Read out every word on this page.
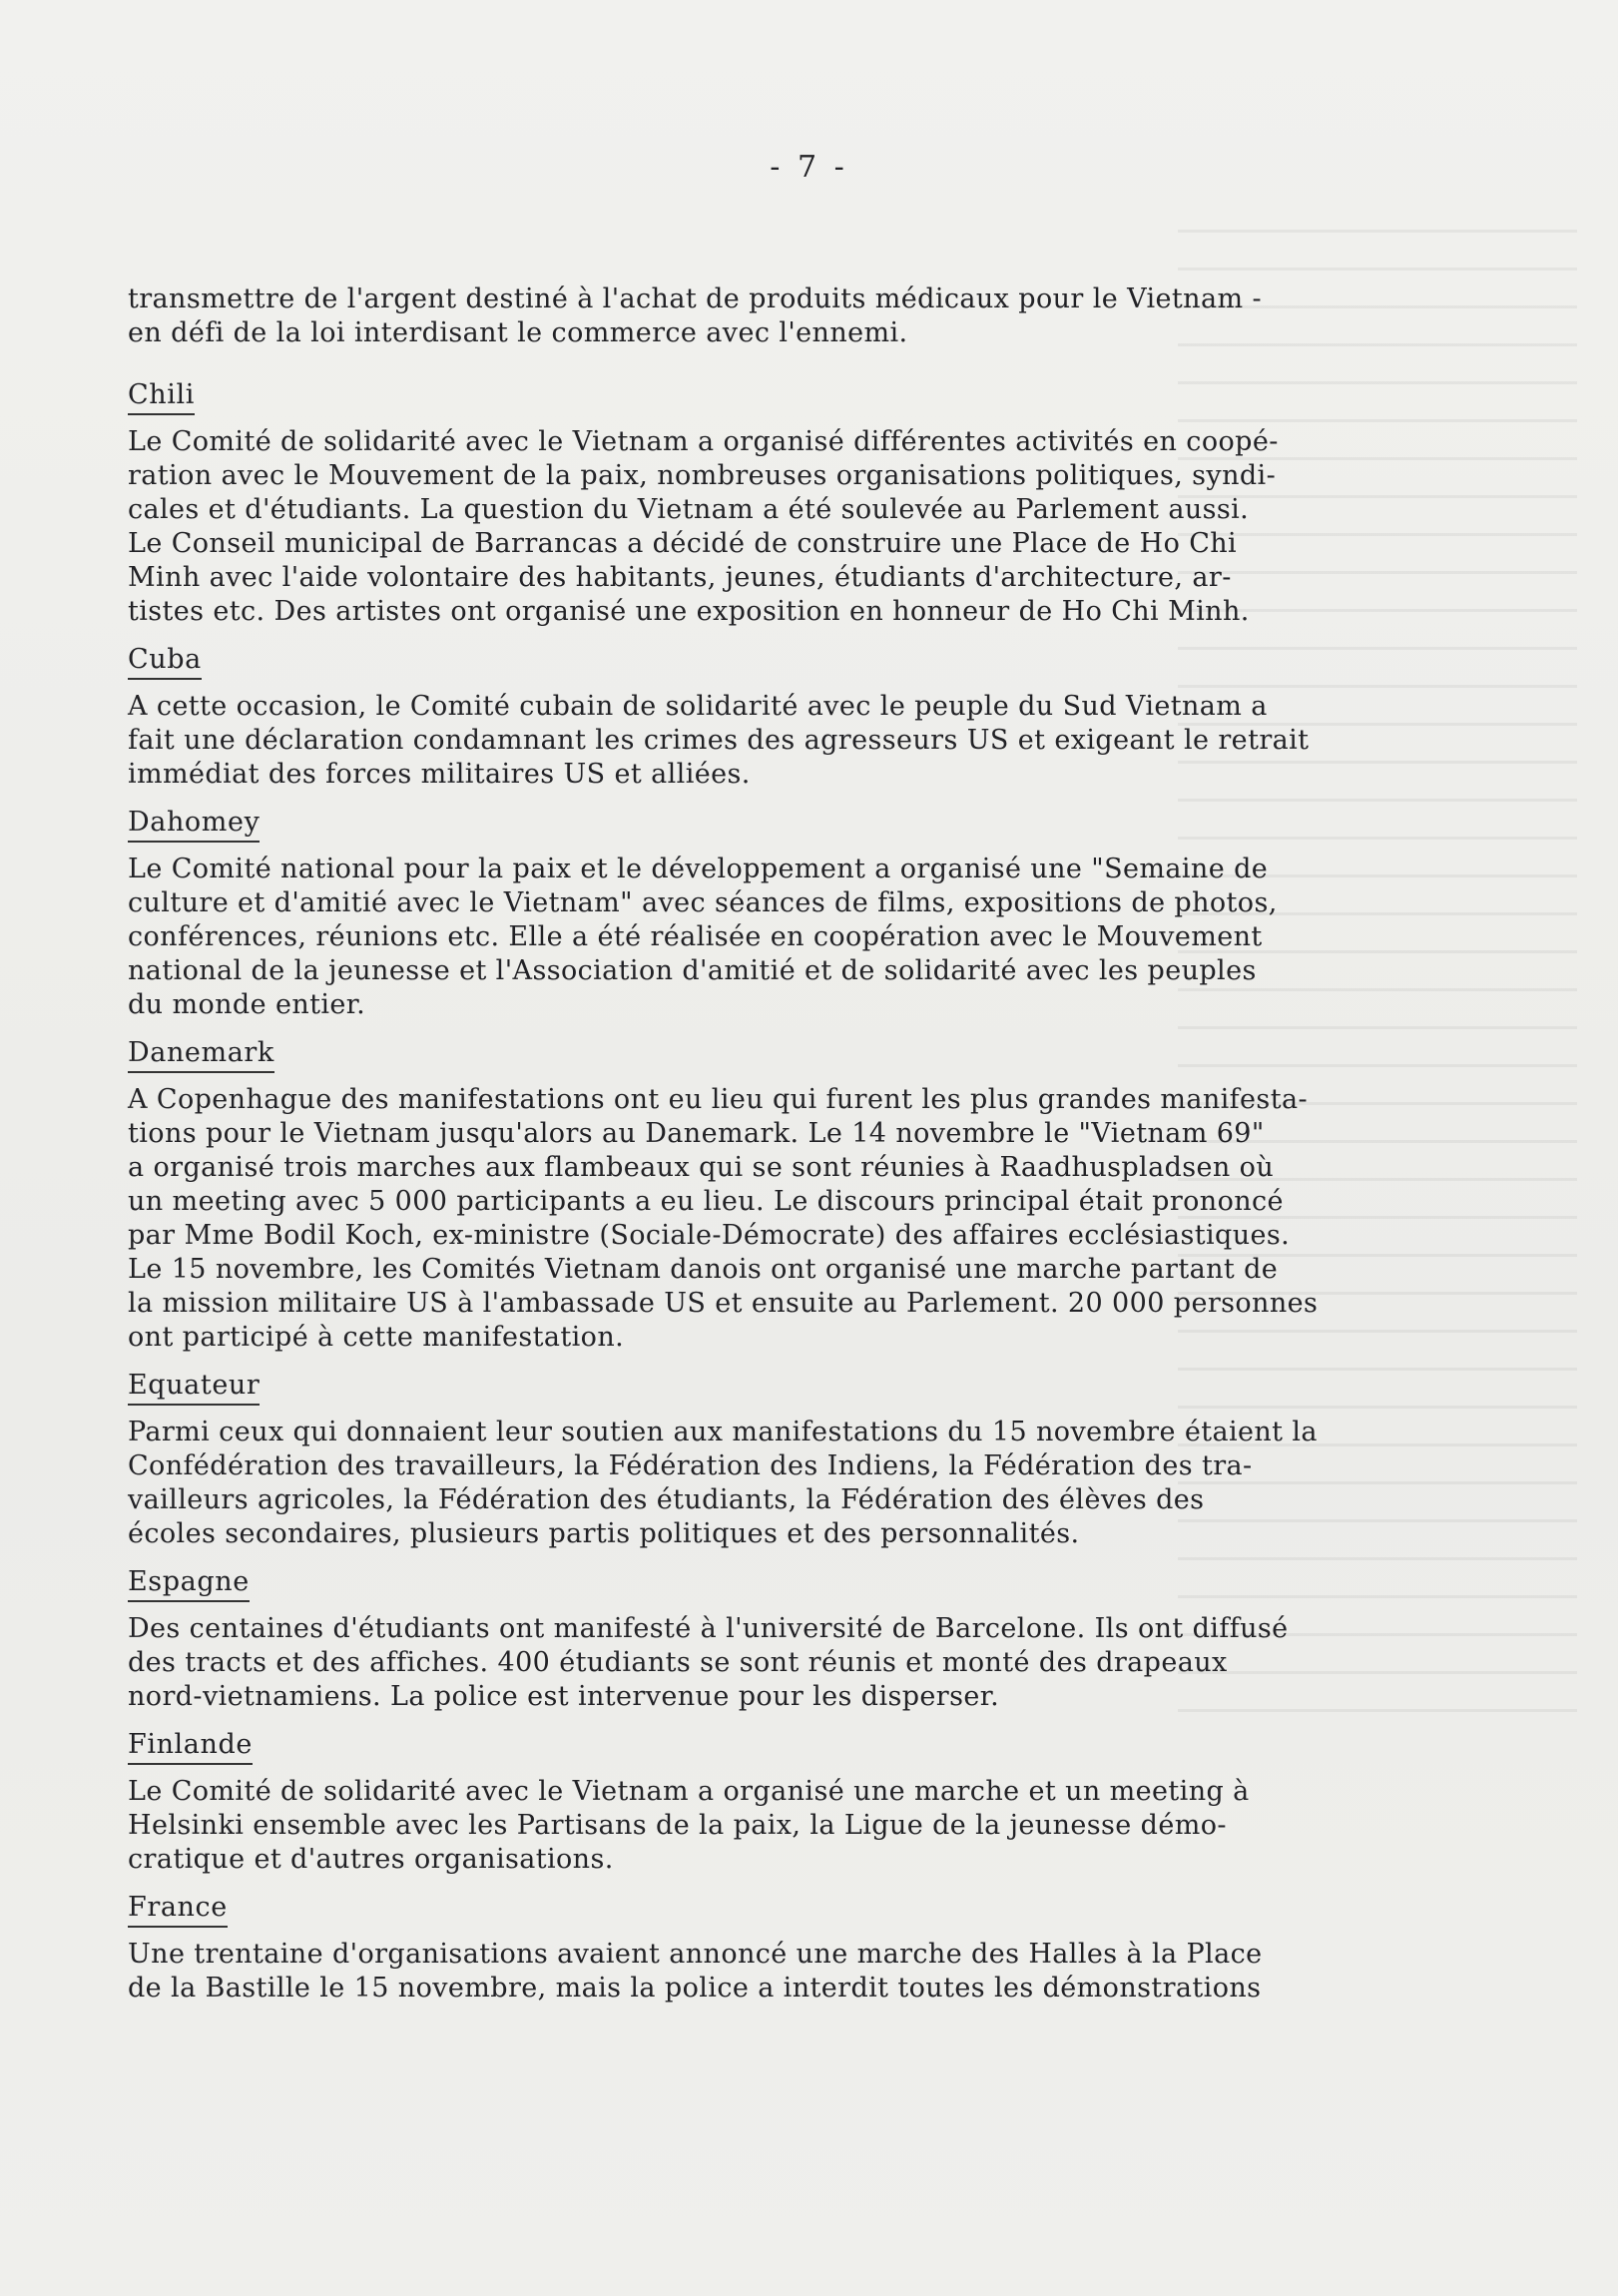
- 7 -
transmettre de l'argent destiné à l'achat de produits médicaux pour le Vietnam -
en défi de la loi interdisant le commerce avec l'ennemi.
Chili
Le Comité de solidarité avec le Vietnam a organisé différentes activités en coopé-
ration avec le Mouvement de la paix, nombreuses organisations politiques, syndi-
cales et d'étudiants. La question du Vietnam a été soulevée au Parlement aussi.
Le Conseil municipal de Barrancas a décidé de construire une Place de Ho Chi
Minh avec l'aide volontaire des habitants, jeunes, étudiants d'architecture, ar-
tistes etc. Des artistes ont organisé une exposition en honneur de Ho Chi Minh.
Cuba
A cette occasion, le Comité cubain de solidarité avec le peuple du Sud Vietnam a
fait une déclaration condamnant les crimes des agresseurs US et exigeant le retrait
immédiat des forces militaires US et alliées.
Dahomey
Le Comité national pour la paix et le développement a organisé une "Semaine de
culture et d'amitié avec le Vietnam" avec séances de films, expositions de photos,
conférences, réunions etc. Elle a été réalisée en coopération avec le Mouvement
national de la jeunesse et l'Association d'amitié et de solidarité avec les peuples
du monde entier.
Danemark
A Copenhague des manifestations ont eu lieu qui furent les plus grandes manifesta-
tions pour le Vietnam jusqu'alors au Danemark. Le 14 novembre le "Vietnam 69"
a organisé trois marches aux flambeaux qui se sont réunies à Raadhuspladsen où
un meeting avec 5 000 participants a eu lieu. Le discours principal était prononcé
par Mme Bodil Koch, ex-ministre (Sociale-Démocrate) des affaires ecclésiastiques.
Le 15 novembre, les Comités Vietnam danois ont organisé une marche partant de
la mission militaire US à l'ambassade US et ensuite au Parlement. 20 000 personnes
ont participé à cette manifestation.
Equateur
Parmi ceux qui donnaient leur soutien aux manifestations du 15 novembre étaient la
Confédération des travailleurs, la Fédération des Indiens, la Fédération des tra-
vailleurs agricoles, la Fédération des étudiants, la Fédération des élèves des
écoles secondaires, plusieurs partis politiques et des personnalités.
Espagne
Des centaines d'étudiants ont manifesté à l'université de Barcelone. Ils ont diffusé
des tracts et des affiches. 400 étudiants se sont réunis et monté des drapeaux
nord-vietnamiens. La police est intervenue pour les disperser.
Finlande
Le Comité de solidarité avec le Vietnam a organisé une marche et un meeting à
Helsinki ensemble avec les Partisans de la paix, la Ligue de la jeunesse démo-
cratique et d'autres organisations.
France
Une trentaine d'organisations avaient annoncé une marche des Halles à la Place
de la Bastille le 15 novembre, mais la police a interdit toutes les démonstrations
